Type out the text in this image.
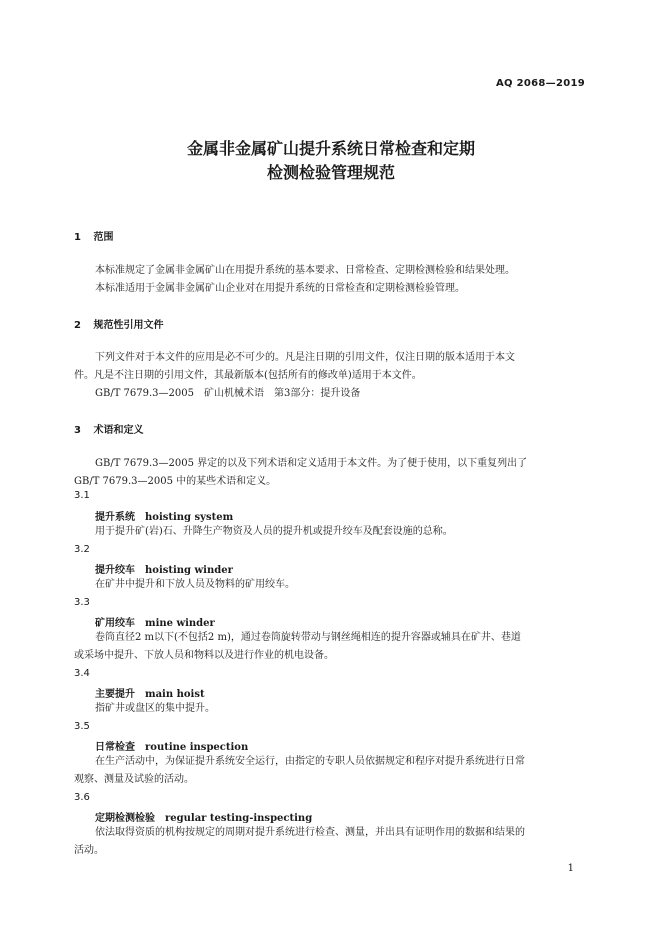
AQ 2068—2019
金属非金属矿山提升系统日常检查和定期
检测检验管理规范
1 范围
本标准规定了金属非金属矿山在用提升系统的基本要求、日常检查、定期检测检验和结果处理。
本标准适用于金属非金属矿山企业对在用提升系统的日常检查和定期检测检验管理。
2 规范性引用文件
下列文件对于本文件的应用是必不可少的。凡是注日期的引用文件，仅注日期的版本适用于本文
件。凡是不注日期的引用文件，其最新版本(包括所有的修改单)适用于本文件。
GB/T 7679.3—2005　矿山机械术语　第3部分：提升设备
3 术语和定义
GB/T 7679.3—2005 界定的以及下列术语和定义适用于本文件。为了便于使用，以下重复列出了
GB/T 7679.3—2005 中的某些术语和定义。
3.1
提升系统 hoisting system
用于提升矿(岩)石、升降生产物资及人员的提升机或提升绞车及配套设施的总称。
3.2
提升绞车 hoisting winder
在矿井中提升和下放人员及物料的矿用绞车。
3.3
矿用绞车 mine winder
卷筒直径2 m以下(不包括2 m)，通过卷筒旋转带动与钢丝绳相连的提升容器或辅具在矿井、巷道
或采场中提升、下放人员和物料以及进行作业的机电设备。
3.4
主要提升 main hoist
指矿井或盘区的集中提升。
3.5
日常检查 routine inspection
在生产活动中，为保证提升系统安全运行，由指定的专职人员依据规定和程序对提升系统进行日常
观察、测量及试验的活动。
3.6
定期检测检验 regular testing-inspecting
依法取得资质的机构按规定的周期对提升系统进行检查、测量，并出具有证明作用的数据和结果的
活动。
1
